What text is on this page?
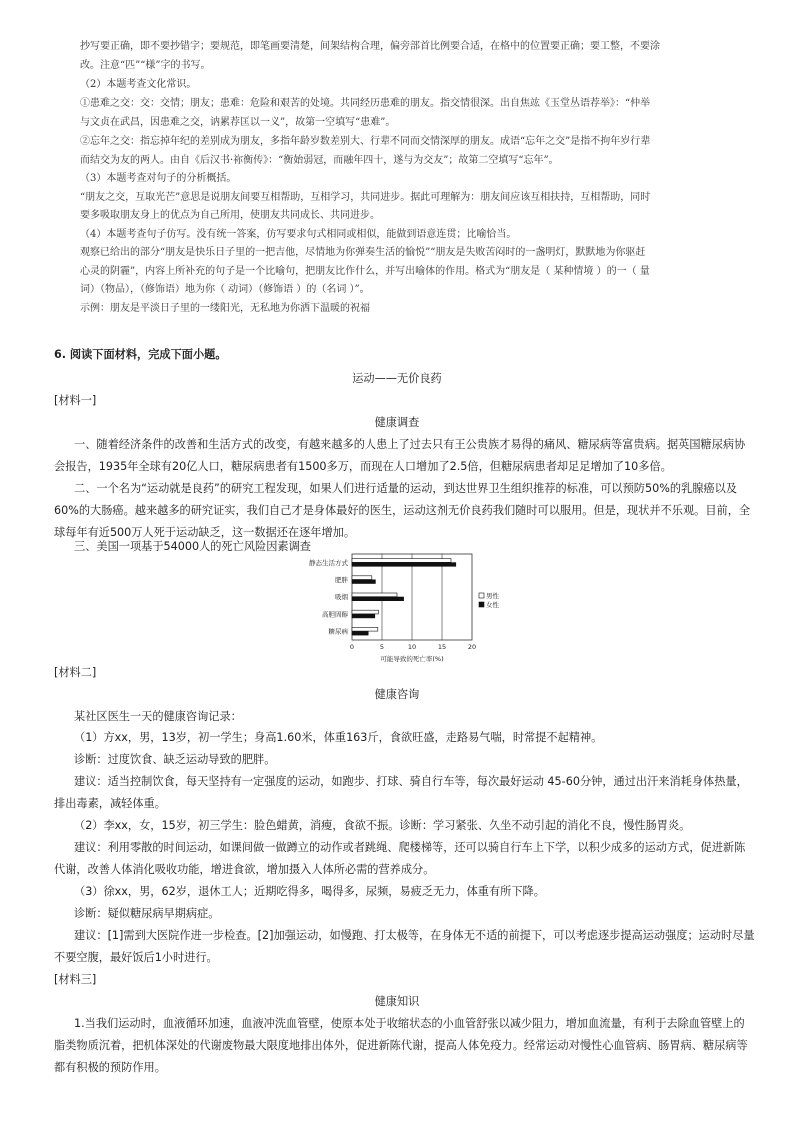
抄写要正确，即不要抄错字；要规范，即笔画要清楚，间架结构合理，偏旁部首比例要合适，在格中的位置要正确；要工整，不要涂

改。注意“匹”“様”字的书写。

（2）本题考查文化常识。

①患难之交：交：交情；朋友；患难：危险和艰苦的处境。共同经历患难的朋友。指交情很深。出自焦竑《玉堂丛语荐举》：“仲举

与文贞在武昌，因患难之交，讷累荐匡以一义”，故第一空填写“患难”。

②忘年之交：指忘掉年纪的差别成为朋友，多指年龄岁数差别大、行辈不同而交情深厚的朋友。成语“忘年之交”是指不拘年岁行辈

而结交为友的两人。由自《后汉书·祢衡传》：“衡始弱冠，而融年四十，遂与为交友”；故第二空填写“忘年”。

（3）本题考查对句子的分析概括。

“朋友之交，互取光芒”意思是说朋友间要互相帮助，互相学习，共同进步。据此可理解为：朋友间应该互相扶持，互相帮助，同时

要多吸取朋友身上的优点为自己所用，使朋友共同成长、共同进步。

（4）本题考查句子仿写。没有统一答案，仿写要求句式相同或相似，能做到语意连贯；比喻恰当。

观察已给出的部分“朋友是快乐日子里的一把吉他，尽情地为你弹奏生活的愉悦”“朋友是失败苦闷时的一盏明灯，默默地为你驱赶

心灵的阴霾”，内容上所补充的句子是一个比喻句，把朋友比作什么，并写出喻体的作用。格式为“朋友是（ 某种情境 ）的一（ 量

词）（物品），（修饰语）地为你（ 动词）（修饰语 ）的（名词 ）”。

示例：朋友是平淡日子里的一缕阳光，无私地为你洒下温暖的祝福

6. 阅读下面材料，完成下面小题。

运动——无价良药

[材料一]

健康调查

一、随着经济条件的改善和生活方式的改变，有越来越多的人患上了过去只有王公贵族才易得的痛风、糖尿病等富贵病。据英国糖尿病协

会报告，1935年全球有20亿人口，糖尿病患者有1500多万，而现在人口增加了2.5倍，但糖尿病患者却足足增加了10多倍。

二、一个名为“运动就是良药”的研究工程发现，如果人们进行适量的运动，到达世界卫生组织推荐的标准，可以预防50%的乳腺癌以及

60%的大肠癌。越来越多的研究证实，我们自己才是身体最好的医生，运动这剂无价良药我们随时可以服用。但是，现状并不乐观。目前，全

球每年有近500万人死于运动缺乏，这一数据还在逐年增加。

三、美国一项基于54000人的死亡风险因素调查

0	5	10	15	20
静态生活方式
肥胖
吸烟
高胆固醇
糖尿病
可能导致的死亡率(%)
男性
女性

[材料二]

健康咨询

某社区医生一天的健康咨询记录：

（1）方xx，男，13岁，初一学生；身高1.60米，体重163斤，食欲旺盛，走路易气喘，时常提不起精神。

诊断：过度饮食、缺乏运动导致的肥胖。

建议：适当控制饮食，每天坚持有一定强度的运动，如跑步、打球、骑自行车等，每次最好运动 45-60分钟，通过出汗来消耗身体热量，

排出毒素，减轻体重。

（2）李xx，女，15岁，初三学生：脸色蜡黄，消瘦，食欲不振。诊断：学习紧张、久坐不动引起的消化不良，慢性肠胃炎。

建议：利用零散的时间运动，如课间做一做蹲立的动作或者跳绳、爬楼梯等，还可以骑自行车上下学，以积少成多的运动方式，促进新陈

代谢，改善人体消化吸收功能，增进食欲，增加摄入人体所必需的营养成分。

（3）徐xx，男，62岁，退休工人；近期吃得多，喝得多，尿频，易疲乏无力，体重有所下降。

诊断：疑似糖尿病早期病症。

建议：[1]需到大医院作进一步检查。[2]加强运动，如慢跑、打太极等，在身体无不适的前提下，可以考虑逐步提高运动强度；运动时尽量

不要空腹，最好饭后1小时进行。

[材料三]

健康知识

1.当我们运动时，血液循环加速，血液冲洗血管壁，使原本处于收缩状态的小血管舒张以减少阻力，增加血流量，有利于去除血管壁上的

脂类物质沉着，把机体深处的代谢废物最大限度地排出体外，促进新陈代谢，提高人体免疫力。经常运动对慢性心血管病、肠胃病、糖尿病等

都有积极的预防作用。
